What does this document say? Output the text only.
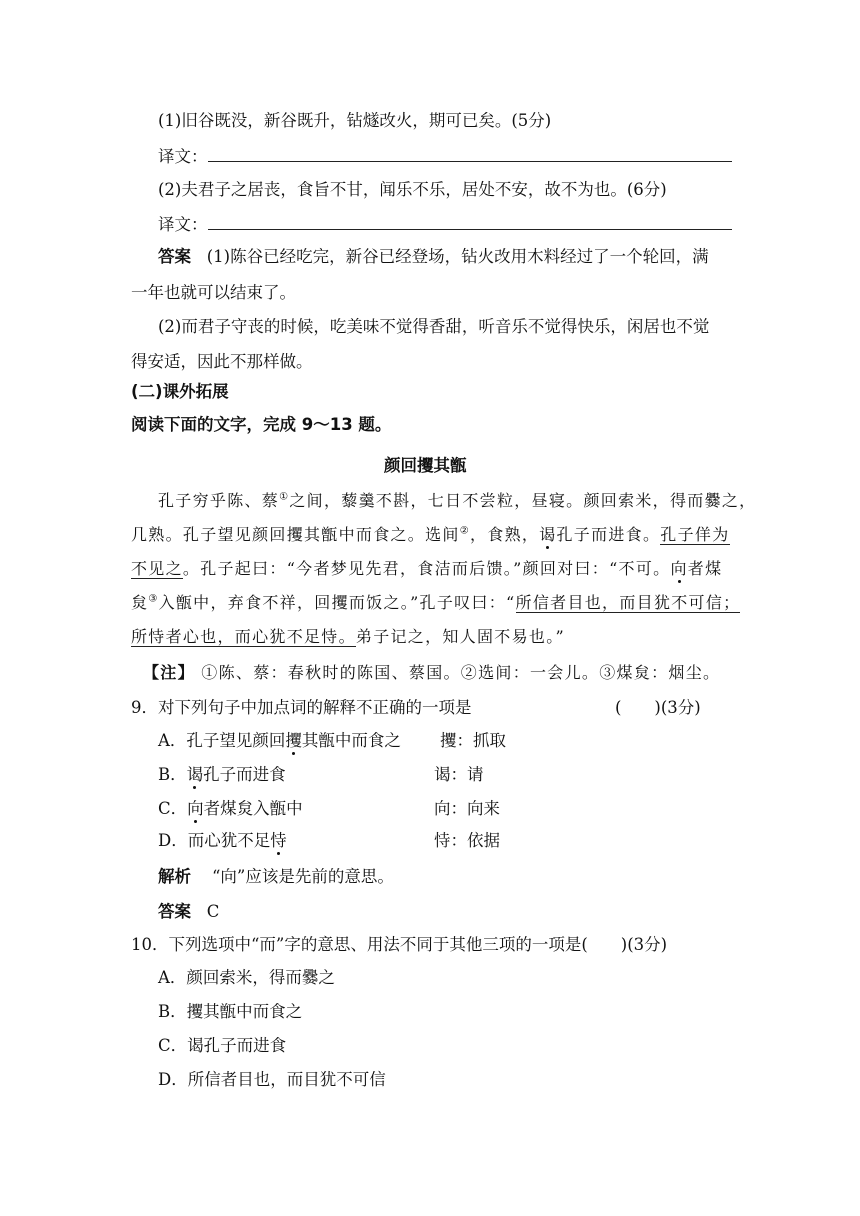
(1)旧谷既没，新谷既升，钻燧改火，期可已矣。(5分)
译文：
(2)夫君子之居丧，食旨不甘，闻乐不乐，居处不安，故不为也。(6分)
译文：
答案 (1)陈谷已经吃完，新谷已经登场，钻火改用木料经过了一个轮回，满
一年也就可以结束了。
(2)而君子守丧的时候，吃美味不觉得香甜，听音乐不觉得快乐，闲居也不觉
得安适，因此不那样做。
(二)课外拓展
阅读下面的文字，完成 9～13 题。
颜回攫其甑
孔子穷乎陈、蔡①之间，藜羹不斟，七日不尝粒，昼寝。颜回索米，得而爨之，
几熟。孔子望见颜回攫其甑中而食之。选间②，食熟，谒孔子而进食。孔子佯为
不见之。孔子起曰：“今者梦见先君，食洁而后馈。”颜回对曰：“不可。向者煤
炱③入甑中，弃食不祥，回攫而饭之。”孔子叹曰：“所信者目也，而目犹不可信；
所恃者心也，而心犹不足恃。弟子记之，知人固不易也。”
【注】 ①陈、蔡：春秋时的陈国、蔡国。②选间：一会儿。③煤炱：烟尘。
9．对下列句子中加点词的解释不正确的一项是	(　　)(3分)
A．孔子望见颜回攫其甑中而食之 攫：抓取
B．谒孔子而进食	谒：请
C．向者煤炱入甑中	向：向来
D．而心犹不足恃	恃：依据
解析 “向”应该是先前的意思。
答案 C
10．下列选项中“而”字的意思、用法不同于其他三项的一项是(　　)(3分)
A．颜回索米，得而爨之
B．攫其甑中而食之
C．谒孔子而进食
D．所信者目也，而目犹不可信
